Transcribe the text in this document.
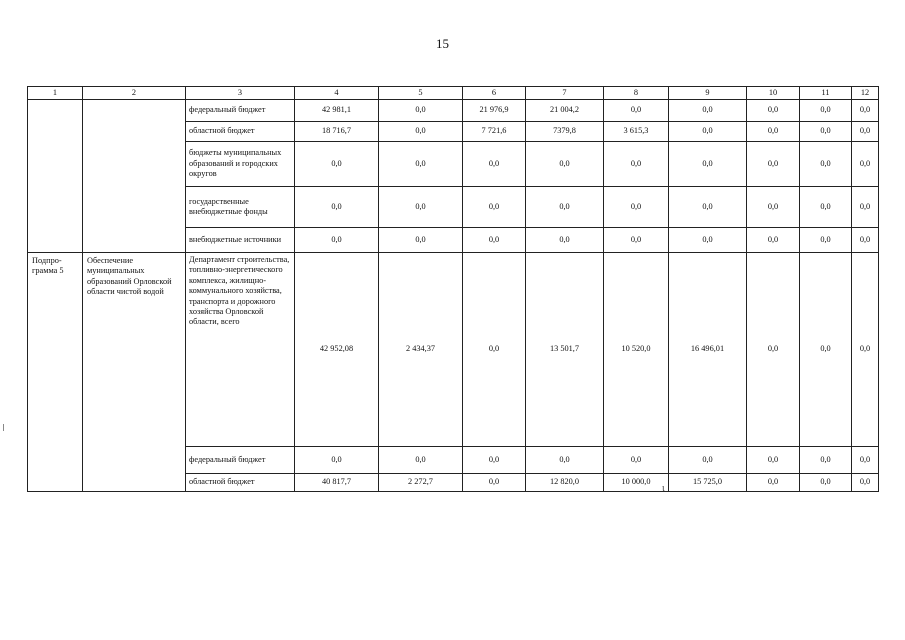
15
1	2	3	4	5	6	7	8	9	10	11	12
		федеральный бюджет	42 981,1	0,0	21 976,9	21 004,2	0,0	0,0	0,0	0,0	0,0
		областной бюджет	18 716,7	0,0	7 721,6	7379,8	3 615,3	0,0	0,0	0,0	0,0
		бюджеты муниципальных образований и городских округов	0,0	0,0	0,0	0,0	0,0	0,0	0,0	0,0	0,0
		государственные внебюджетные фонды	0,0	0,0	0,0	0,0	0,0	0,0	0,0	0,0	0,0
		внебюджетные источники	0,0	0,0	0,0	0,0	0,0	0,0	0,0	0,0	0,0
Подпро-грамма 5	Обеспечение муниципальных образований Орловской области чистой водой	Департамент строительства, топливно-энергетического комплекса, жилищно-коммунального хозяйства, транспорта и дорожного хозяйства Орловской области, всего	42 952,08	2 434,37	0,0	13 501,7	10 520,0	16 496,01	0,0	0,0	0,0
		федеральный бюджет	0,0	0,0	0,0	0,0	0,0	0,0	0,0	0,0	0,0
		областной бюджет	40 817,7	2 272,7	0,0	12 820,0	10 000,0	15 725,0	0,0	0,0	0,0
ι
